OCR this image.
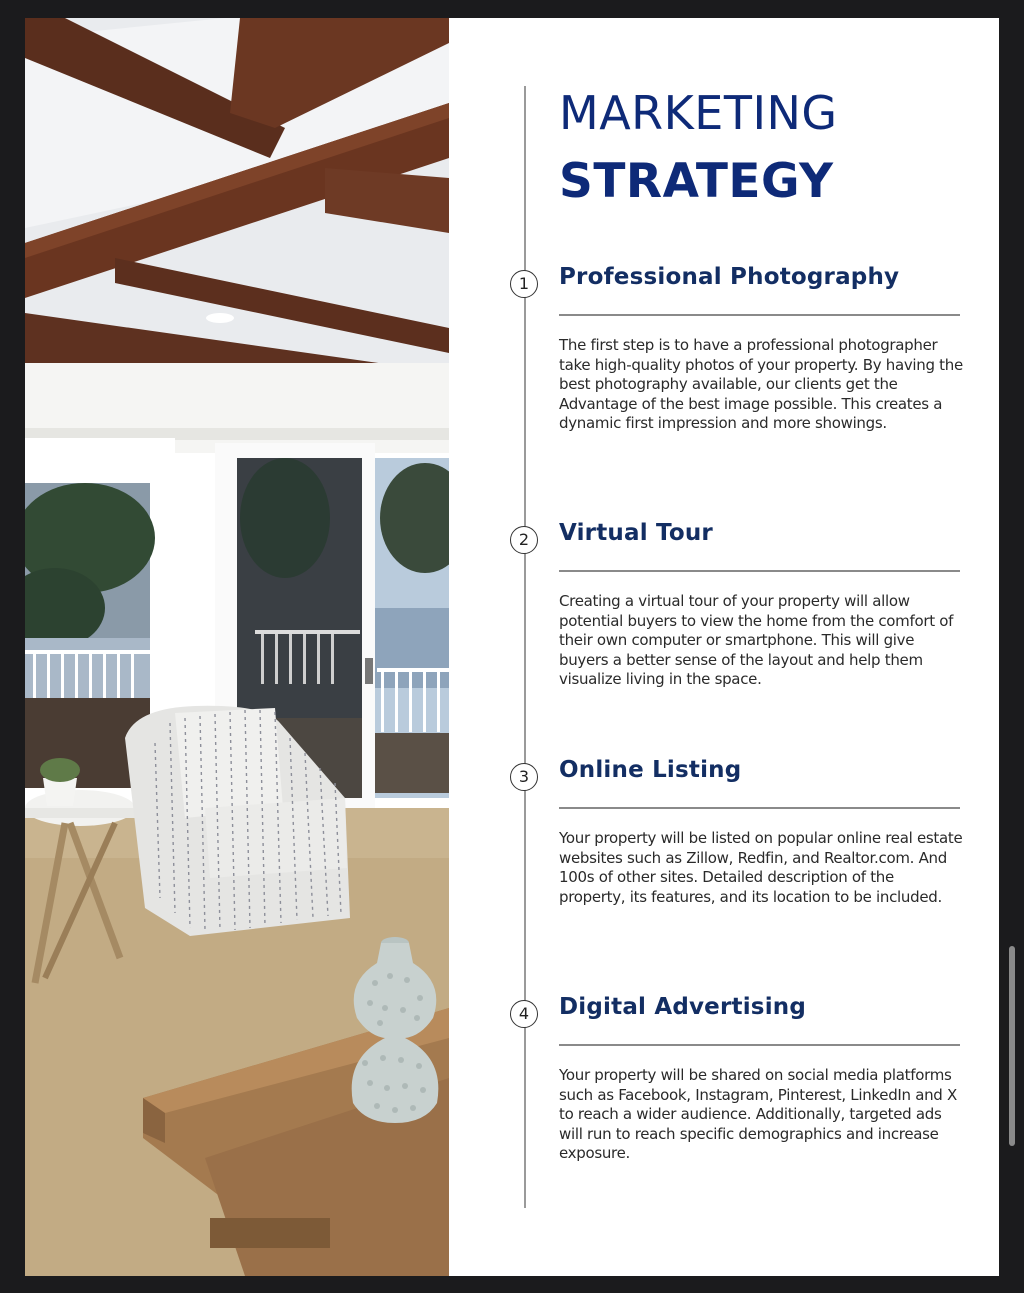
MARKETING
STRATEGY
1	Professional Photography

The first step is to have a professional photographer take high-quality photos of your property. By having the best photography available, our clients get the Advantage of the best image possible. This creates a dynamic first impression and more showings.

2	Virtual Tour

Creating a virtual tour of your property will allow potential buyers to view the home from the comfort of their own computer or smartphone. This will give buyers a better sense of the layout and help them visualize living in the space.

3	Online Listing

Your property will be listed on popular online real estate websites such as Zillow, Redfin, and Realtor.com. And 100s of other sites. Detailed description of the property, its features, and its location to be included.

4	Digital Advertising

Your property will be shared on social media platforms such as Facebook, Instagram, Pinterest, LinkedIn and X to reach a wider audience. Additionally, targeted ads will run to reach specific demographics and increase exposure.
